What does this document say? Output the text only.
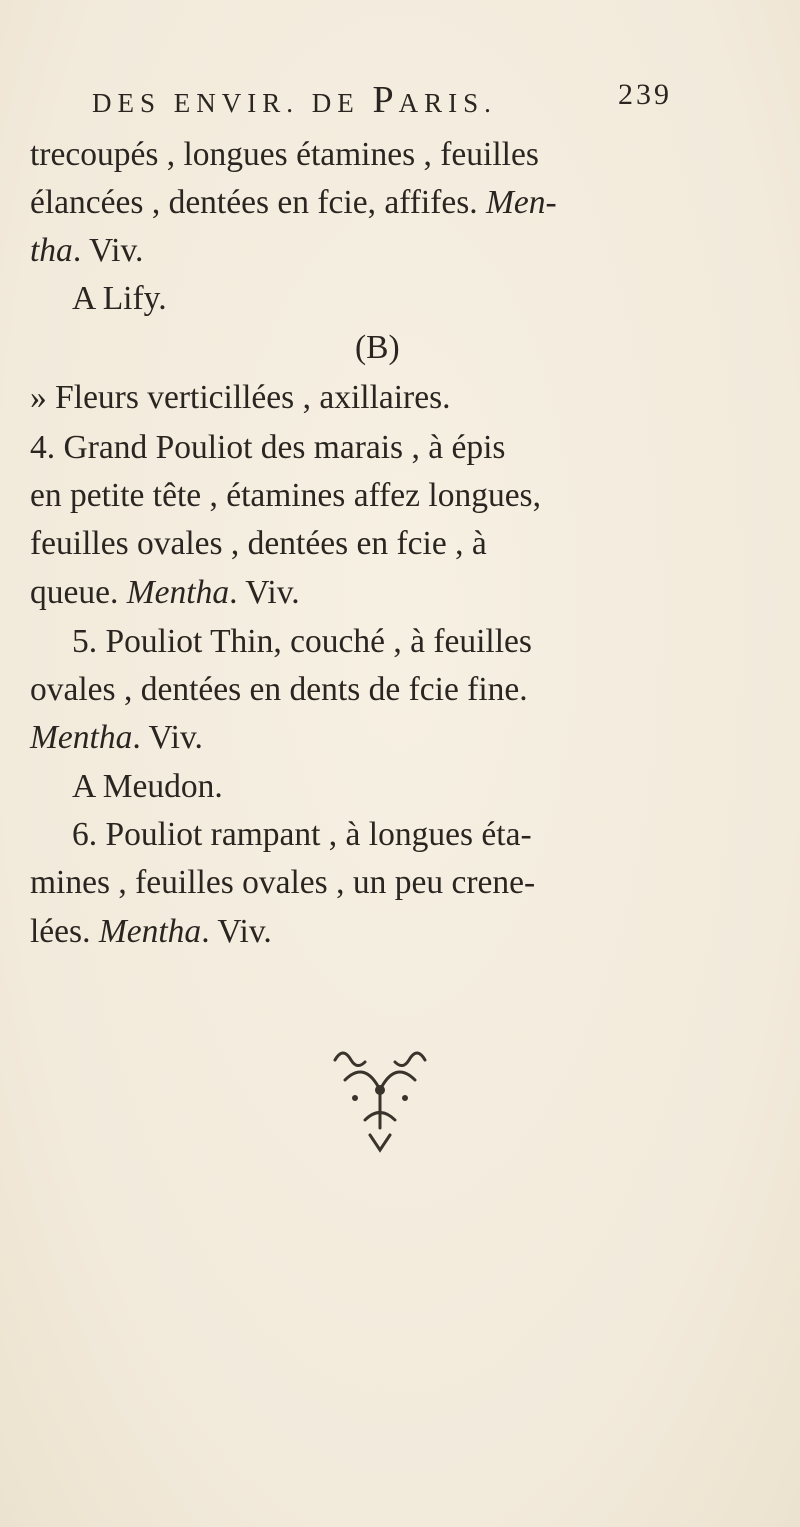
DES ENVIR. DE PARIS.	239
trecoupés , longues étamines , feuilles
élancées , dentées en fcie, affifes. Men-
tha. Viv.
A Lify.
(B)
» Fleurs verticillées , axillaires.
4. Grand Pouliot des marais , à épis
en petite tête , étamines affez longues,
feuilles ovales , dentées en fcie , à
queue. Mentha. Viv.
5. Pouliot Thin, couché , à feuilles
ovales , dentées en dents de fcie fine.
Mentha. Viv.
A Meudon.
6. Pouliot rampant , à longues éta-
mines , feuilles ovales , un peu crene-
lées. Mentha. Viv.
